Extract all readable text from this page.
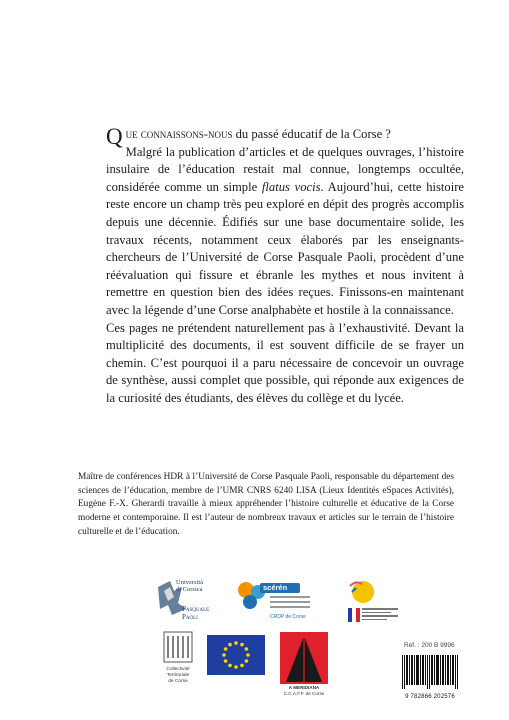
Que connaissons-nous du passé éducatif de la Corse ?
Malgré la publication d’articles et de quelques ouvrages, l’histoire insulaire de l’éducation restait mal connue, longtemps occultée, considérée comme un simple flatus vocis. Aujourd’hui, cette histoire reste encore un champ très peu exploré en dépit des progrès accomplis depuis une décennie. Édifiés sur une base documentaire solide, les travaux récents, notamment ceux élaborés par les enseignants-chercheurs de l’Université de Corse Pasquale Paoli, procèdent d’une réévaluation qui fissure et ébranle les mythes et nous invitent à remettre en question bien des idées reçues. Finissons-en maintenant avec la légende d’une Corse analphabète et hostile à la connaissance.

Ces pages ne prétendent naturellement pas à l’exhaustivité. Devant la multiplicité des documents, il est souvent difficile de se frayer un chemin. C’est pourquoi il a paru nécessaire de concevoir un ouvrage de synthèse, aussi complet que possible, qui réponde aux exigences de la curiosité des étudiants, des élèves du collège et du lycée.

Maître de conférences HDR à l’Université de Corse Pasquale Paoli, responsable du département des sciences de l’éducation, membre de l’UMR CNRS 6240 LISA (Lieux Identités eSpaces Activités), Eugène F.-X. Gherardi travaille à mieux appréhender l’histoire culturelle et éducative de la Corse moderne et contemporaine. Il est l’auteur de nombreux travaux et articles sur le terrain de l’histoire culturelle et de l’éducation.

Università
di Corsica
Pasquale
Paoli
scérén
CRDP de Corse
Collectivité
Territoriale
de Corse
A MERIDIANA
C.C.A.F.F. de Corse
Réf. : 200 B 9996
9 782866 202576
